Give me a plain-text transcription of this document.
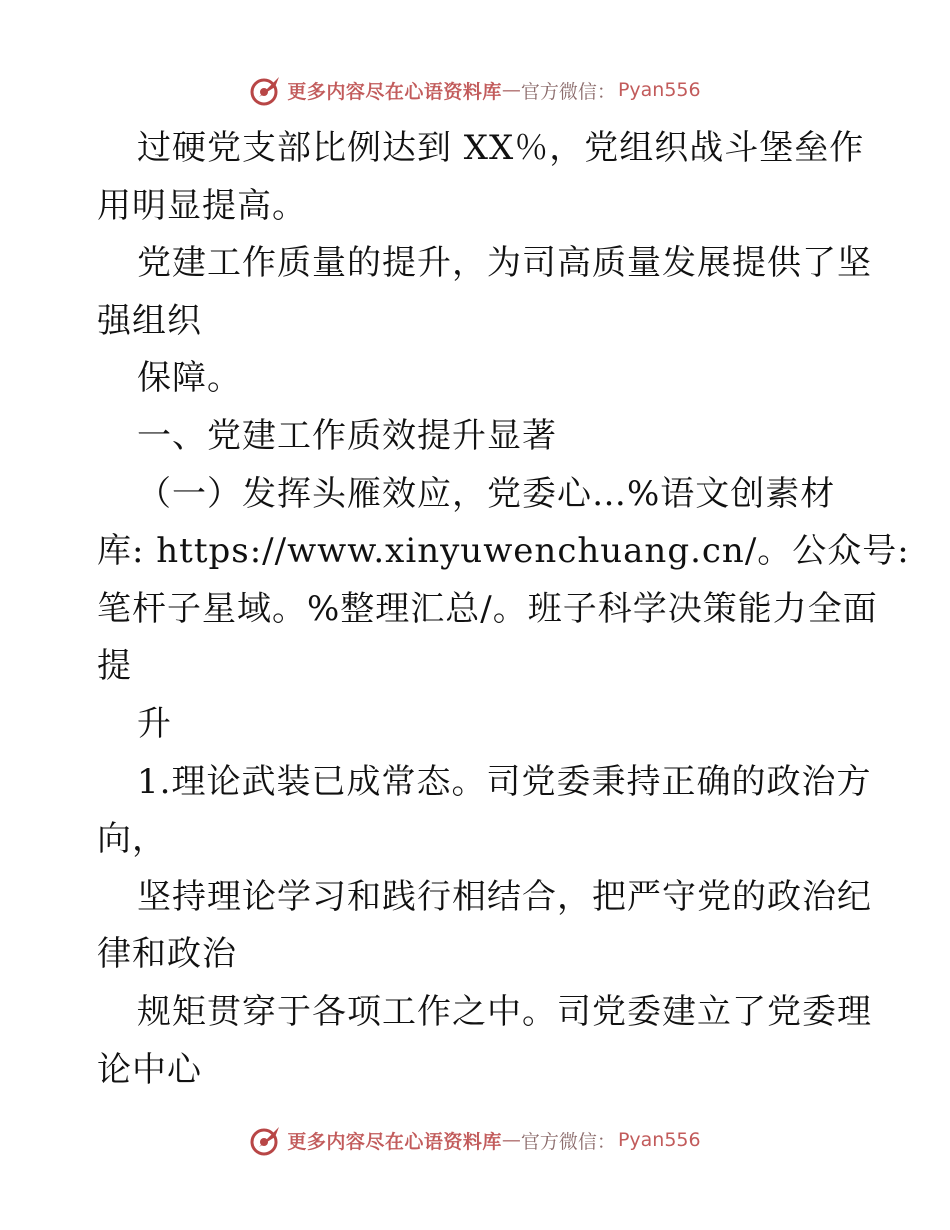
更多内容尽在心语资料库 — 官方微信： Pyan556
过硬党支部比例达到 XX％，党组织战斗堡垒作
用明显提高。
党建工作质量的提升，为司高质量发展提供了坚
强组织
保障。
一、党建工作质效提升显著
（一）发挥头雁效应，党委心…%语文创素材
库: https://www.xinyuwenchuang.cn/。公众号:
笔杆子星域。%整理汇总/。班子科学决策能力全面
提
升
1.理论武装已成常态。司党委秉持正确的政治方
向，
坚持理论学习和践行相结合，把严守党的政治纪
律和政治
规矩贯穿于各项工作之中。司党委建立了党委理
论中心
更多内容尽在心语资料库 — 官方微信： Pyan556
